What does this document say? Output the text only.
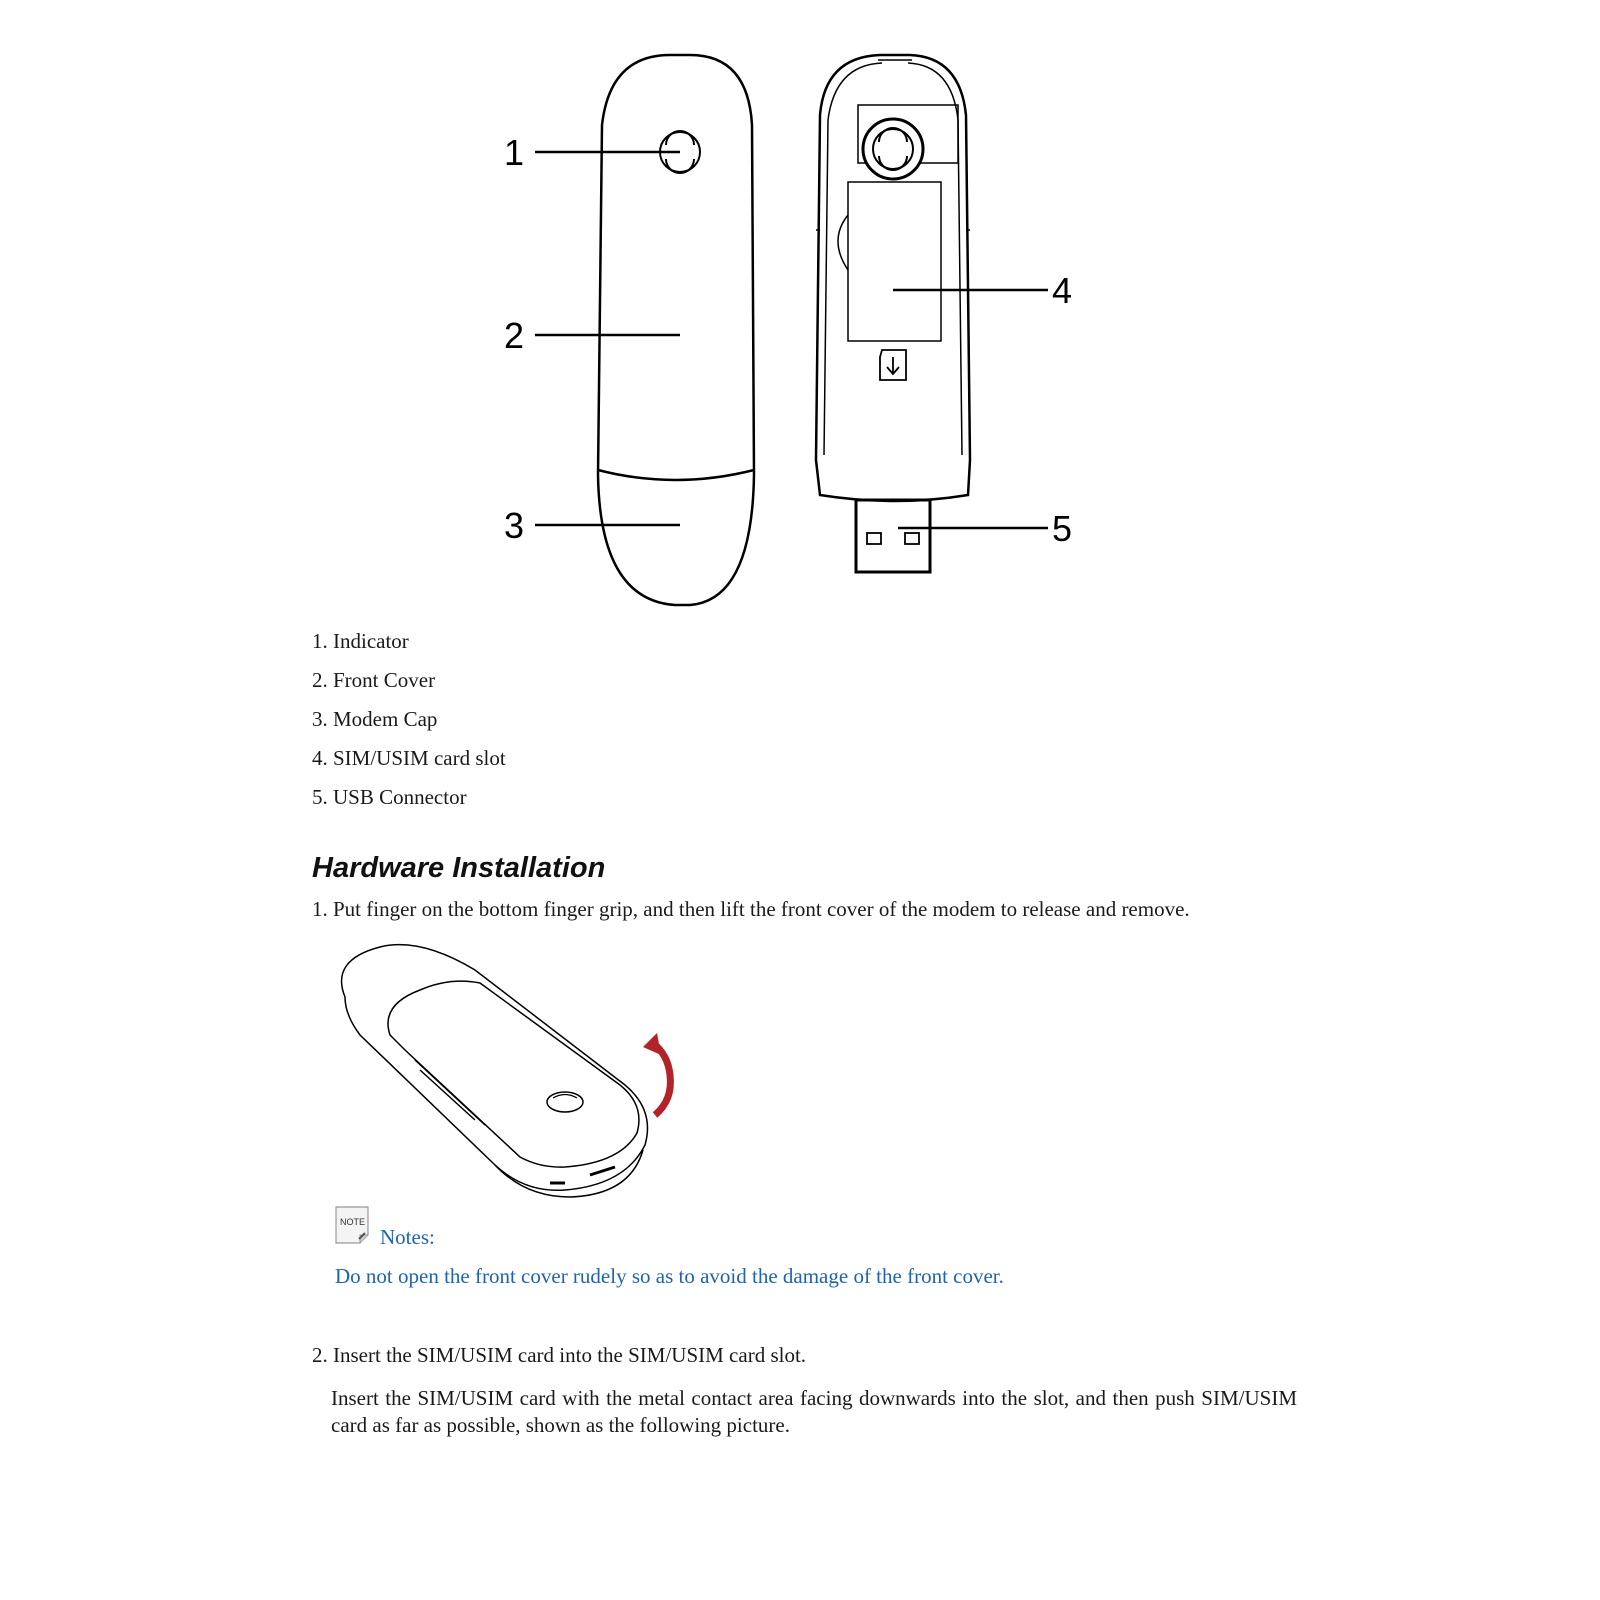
1
2
3
4
5
1. Indicator
2. Front Cover
3. Modem Cap
4. SIM/USIM card slot
5. USB Connector
Hardware Installation
1. Put finger on the bottom finger grip, and then lift the front cover of the modem to release and remove.
NOTE
Notes:
Do not open the front cover rudely so as to avoid the damage of the front cover.
2. Insert the SIM/USIM card into the SIM/USIM card slot.

Insert the SIM/USIM card with the metal contact area facing downwards into the slot, and then push SIM/USIM card as far as possible, shown as the following picture.
